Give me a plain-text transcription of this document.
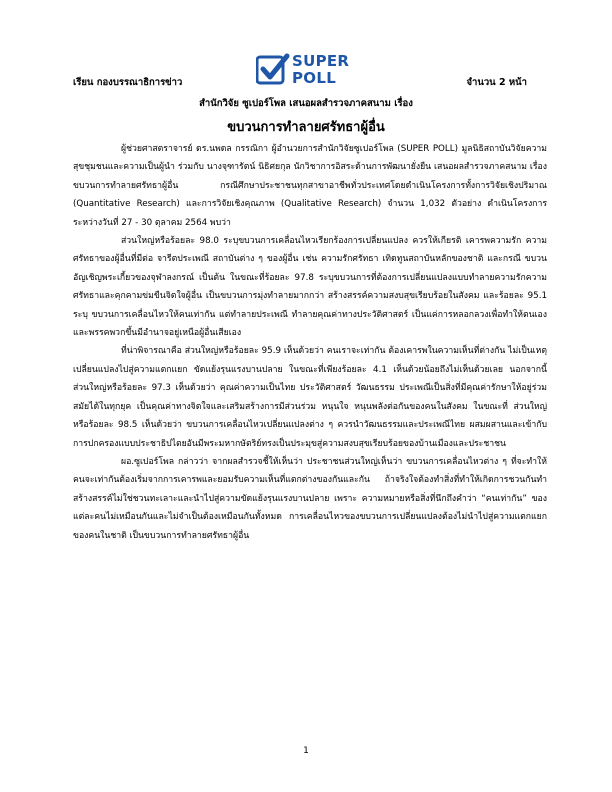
เรียน กองบรรณาธิการข่าว
SUPER
POLL	จำนวน 2 หน้า
สำนักวิจัย ซูเปอร์โพล เสนอผลสำรวจภาคสนาม เรื่อง
ขบวนการทำลายศรัทธาผู้อื่น

ผู้ช่วยศาสตราจารย์ ดร.นพดล กรรณิกา ผู้อำนวยการสำนักวิจัยซูเปอร์โพล (SUPER POLL) มูลนิธิสถาบันวิจัยความสุขชุมชนและความเป็นผู้นำ ร่วมกับ นางจุฑารัตน์ นิธิศยกุล นักวิชาการอิสระด้านการพัฒนายั่งยืน เสนอผลสำรวจภาคสนาม เรื่อง ขบวนการทำลายศรัทธาผู้อื่น กรณีศึกษาประชาชนทุกสาขาอาชีพทั่วประเทศโดยดำเนินโครงการทั้งการวิจัยเชิงปริมาณ (Quantitative Research) และการวิจัยเชิงคุณภาพ (Qualitative Research) จำนวน 1,032 ตัวอย่าง ดำเนินโครงการระหว่างวันที่ 27 - 30 ตุลาคม 2564 พบว่า

ส่วนใหญ่หรือร้อยละ 98.0 ระบุขบวนการเคลื่อนไหวเรียกร้องการเปลี่ยนแปลง ควรให้เกียรติ เคารพความรัก ความศรัทธาของผู้อื่นที่มีต่อ จารีตประเพณี สถาบันต่าง ๆ ของผู้อื่น เช่น ความรักศรัทธา เทิดทูนสถาบันหลักของชาติ และกรณี ขบวนอัญเชิญพระเกี้ยวของจุฬาลงกรณ์ เป็นต้น ในขณะที่ร้อยละ 97.8 ระบุขบวนการที่ต้องการเปลี่ยนแปลงแบบทำลายความรักความศรัทธาและคุกคามข่มขืนจิตใจผู้อื่น เป็นขบวนการมุ่งทำลายมากกว่า สร้างสรรค์ความสงบสุขเรียบร้อยในสังคม และร้อยละ 95.1 ระบุ ขบวนการเคลื่อนไหวให้คนเท่ากัน แต่ทำลายประเพณี ทำลายคุณค่าทางประวัติศาสตร์ เป็นแค่การหลอกลวงเพื่อทำให้ตนเองและพรรคพวกขึ้นมีอำนาจอยู่เหนือผู้อื่นเสียเอง

ที่น่าพิจารณาคือ ส่วนใหญ่หรือร้อยละ 95.9 เห็นด้วยว่า คนเราจะเท่ากัน ต้องเคารพในความเห็นที่ต่างกัน ไม่เป็นเหตุ เปลี่ยนแปลงไปสู่ความแตกแยก ขัดแย้งรุนแรงบานปลาย ในขณะที่เพียงร้อยละ 4.1 เห็นด้วยน้อยถึงไม่เห็นด้วยเลย นอกจากนี้ ส่วนใหญ่หรือร้อยละ 97.3 เห็นด้วยว่า คุณค่าความเป็นไทย ประวัติศาสตร์ วัฒนธรรม ประเพณีเป็นสิ่งที่มีคุณค่ารักษาให้อยู่ร่วมสมัยได้ในทุกยุค เป็นคุณค่าทางจิตใจและเสริมสร้างการมีส่วนร่วม หนุนใจ หนุนพลังต่อกันของคนในสังคม ในขณะที่ ส่วนใหญ่หรือร้อยละ 98.5 เห็นด้วยว่า ขบวนการเคลื่อนไหวเปลี่ยนแปลงต่าง ๆ ควรนำวัฒนธรรมและประเพณีไทย ผสมผสานและเข้ากับการปกครองแบบประชาธิปไตยอันมีพระมหากษัตริย์ทรงเป็นประมุขสู่ความสงบสุขเรียบร้อยของบ้านเมืองและประชาชน

ผอ.ซูเปอร์โพล กล่าวว่า จากผลสำรวจชี้ให้เห็นว่า ประชาชนส่วนใหญ่เห็นว่า ขบวนการเคลื่อนไหวต่าง ๆ ที่จะทำให้คนจะเท่ากันต้องเริ่มจากการเคารพและยอมรับความเห็นที่แตกต่างของกันและกัน ถ้าจริงใจต้องทำสิ่งที่ทำให้เกิดการชวนกันทำสร้างสรรค์ไม่ใช่ชวนทะเลาะและนำไปสู่ความขัดแย้งรุนแรงบานปลาย เพราะ ความหมายหรือสิ่งที่นึกถึงคำว่า “คนเท่ากัน” ของแต่ละคนไม่เหมือนกันและไม่จำเป็นต้องเหมือนกันทั้งหมด การเคลื่อนไหวของขบวนการเปลี่ยนแปลงต้องไม่นำไปสู่ความแตกแยกของคนในชาติ เป็นขบวนการทำลายศรัทธาผู้อื่น

1
